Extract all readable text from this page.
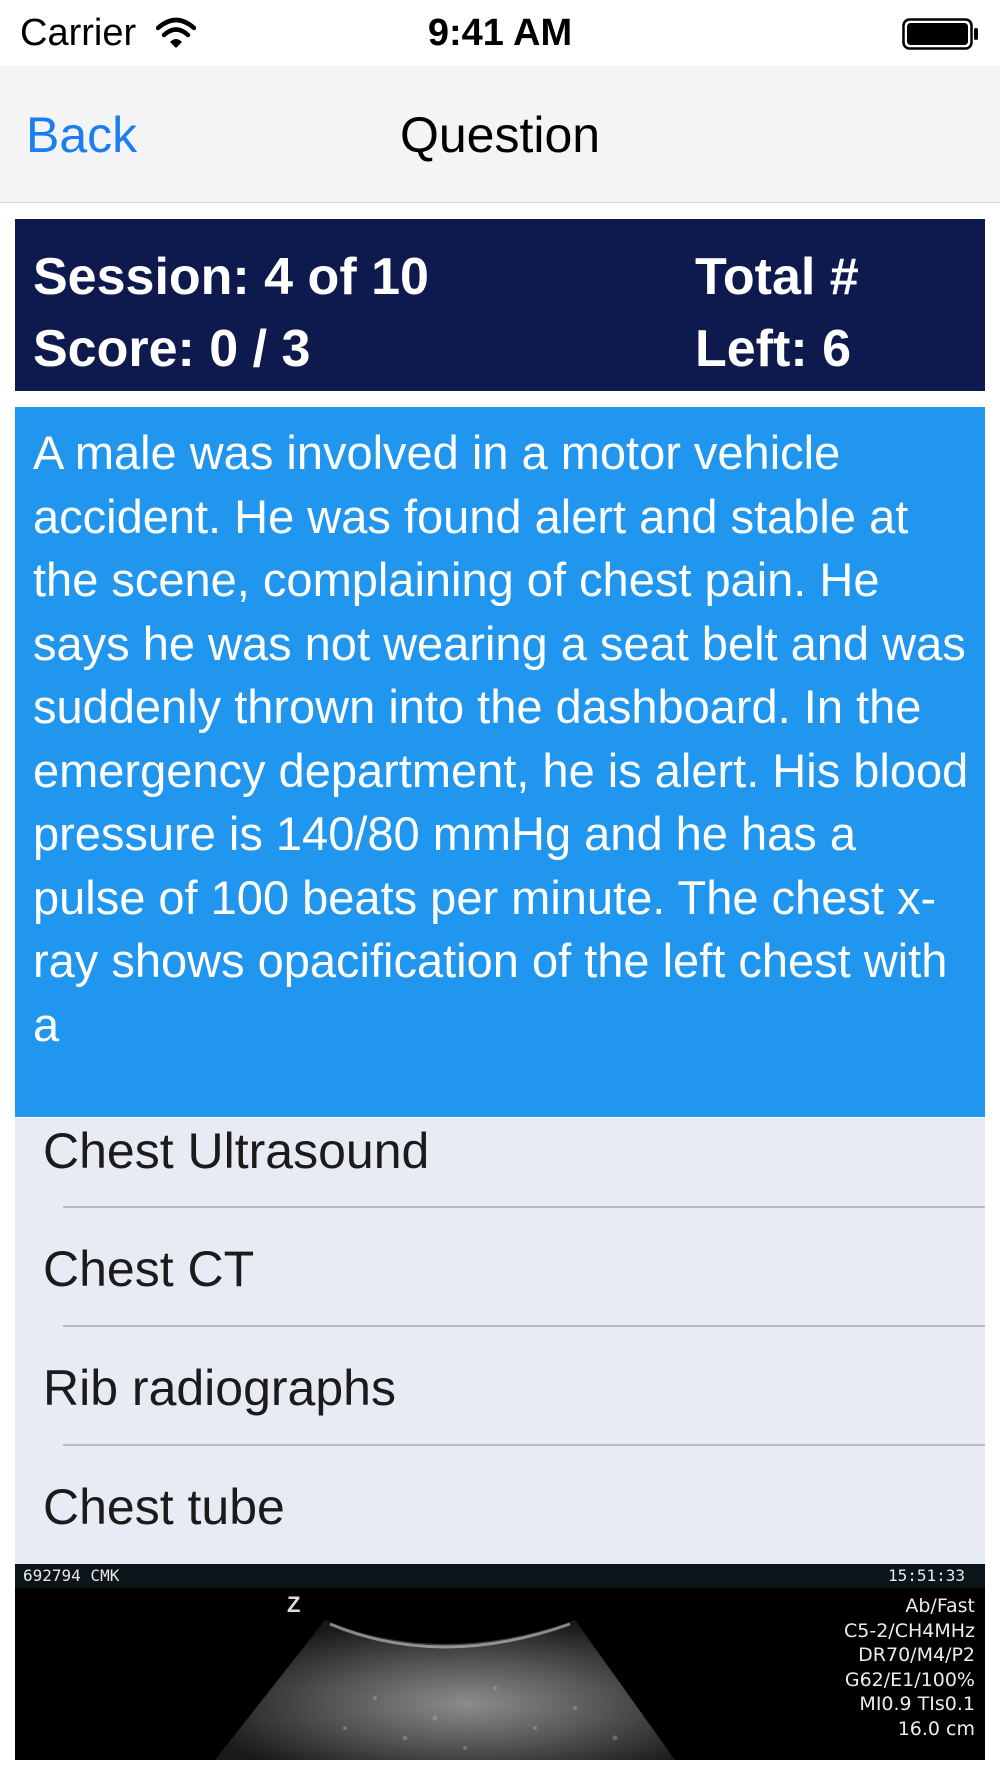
Carrier	9:41 AM
Back	Question
Session: 4 of 10
Score: 0 / 3
Total #
Left: 6

A male was involved in a motor vehicle accident. He was found alert and stable at the scene, complaining of chest pain. He says he was not wearing a seat belt and was suddenly thrown into the dashboard. In the emergency department, he is alert. His blood pressure is 140/80 mmHg and he has a pulse of 100 beats per minute. The chest x-ray shows opacification of the left chest with a

Chest Ultrasound
Chest CT
Rib radiographs
Chest tube
692794 CMK	15:51:33
Z	Ab/Fast
C5-2/CH4MHz
DR70/M4/P2
G62/E1/100%
MI0.9 TIs0.1
16.0 cm
